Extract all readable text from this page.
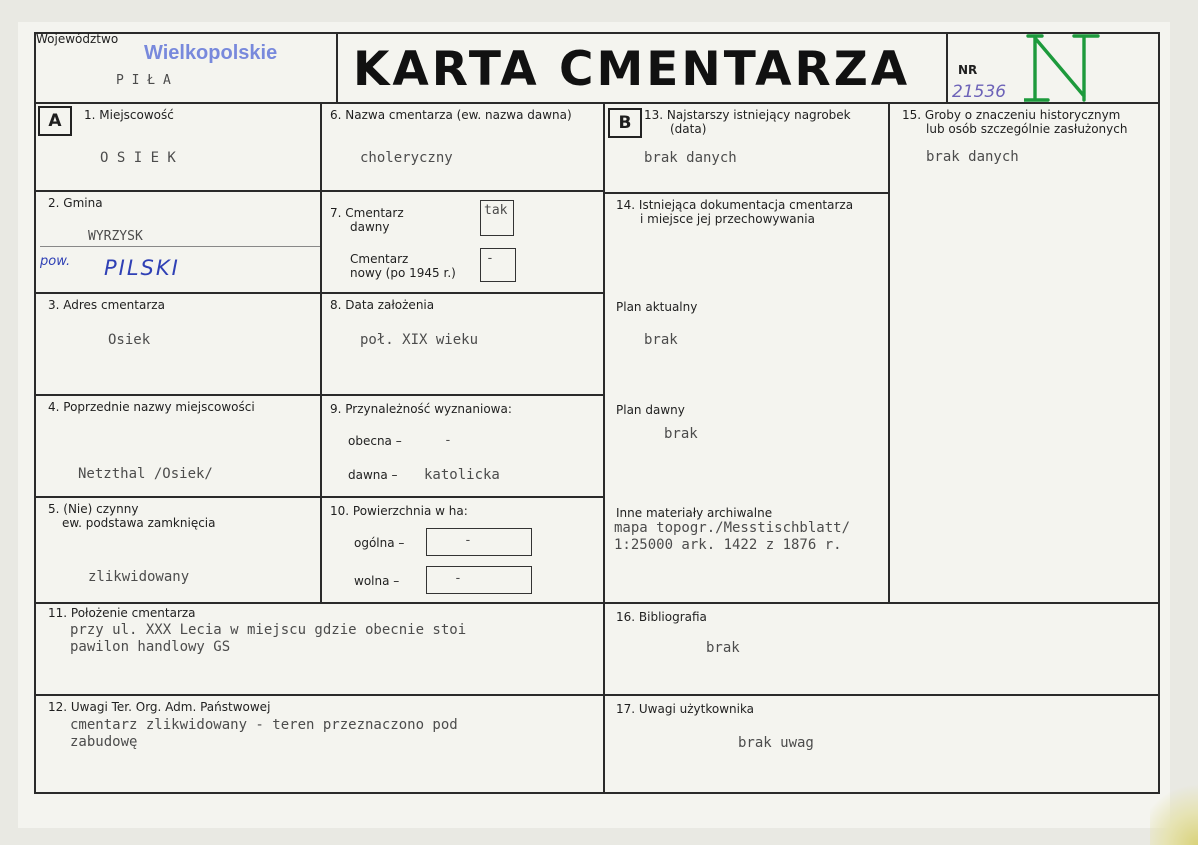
Województwo
Wielkopolskie
P I Ł A	KARTA CMENTARZA	NR
21536
A	B
1. Miejscowość
O S I E K
2. Gmina
WYRZYSK
pow. PILSKI
3. Adres cmentarza
Osiek
4. Poprzednie nazwy miejscowości
Netzthal /Osiek/
5. (Nie) czynny
ew. podstawa zamknięcia
zlikwidowany
6. Nazwa cmentarza (ew. nazwa dawna)
choleryczny
7. Cmentarz
dawny
tak
Cmentarz
nowy (po 1945 r.)
-
8. Data założenia
poł. XIX wieku
9. Przynależność wyznaniowa:
obecna –	-
dawna – katolicka
10. Powierzchnia w ha:
ogólna –	-
wolna –	-
11. Położenie cmentarza
przy ul. XXX Lecia w miejscu gdzie obecnie stoi
pawilon handlowy GS
12. Uwagi Ter. Org. Adm. Państwowej
cmentarz zlikwidowany - teren przeznaczono pod
zabudowę
13. Najstarszy istniejący nagrobek
(data)
brak danych
14. Istniejąca dokumentacja cmentarza
i miejsce jej przechowywania
Plan aktualny
brak
Plan dawny
brak
Inne materiały archiwalne
mapa topogr./Messtischblatt/
1:25000 ark. 1422 z 1876 r.
15. Groby o znaczeniu historycznym
lub osób szczególnie zasłużonych
brak danych
16. Bibliografia
brak
17. Uwagi użytkownika
brak uwag
